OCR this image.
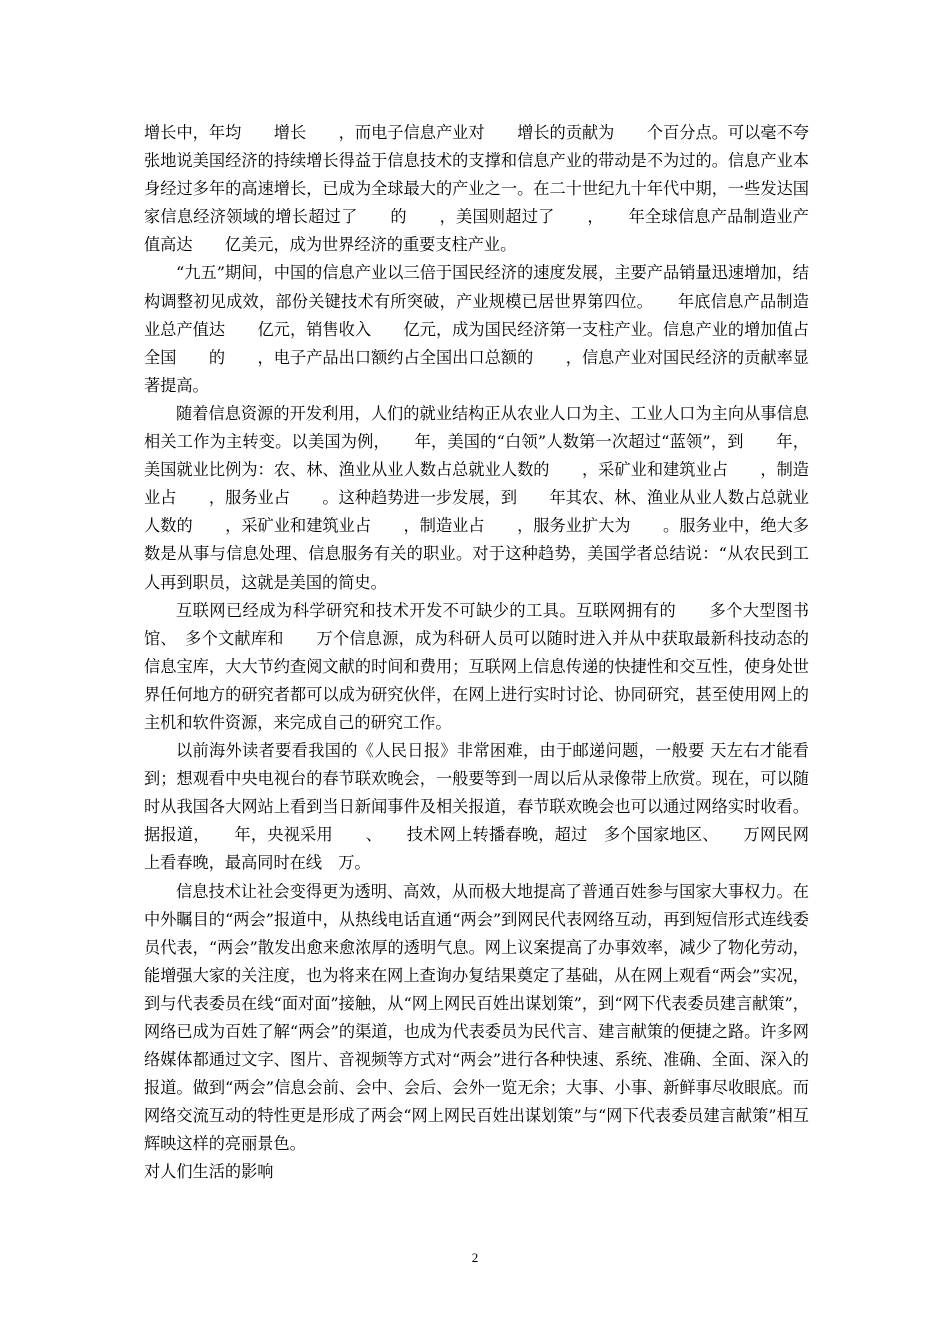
增长中，年均　　增长　　，而电子信息产业对　　增长的贡献为　　个百分点。可以毫不夸张地说美国经济的持续增长得益于信息技术的支撑和信息产业的带动是不为过的。信息产业本身经过多年的高速增长，已成为全球最大的产业之一。在二十世纪九十年代中期，一些发达国家信息经济领域的增长超过了　　的　　，美国则超过了　　，　　年全球信息产品制造业产值高达　　亿美元，成为世界经济的重要支柱产业。

“九五”期间，中国的信息产业以三倍于国民经济的速度发展，主要产品销量迅速增加，结构调整初见成效，部份关键技术有所突破，产业规模已居世界第四位。　　年底信息产品制造业总产值达　　亿元，销售收入　　亿元，成为国民经济第一支柱产业。信息产业的增加值占全国　　的　　，电子产品出口额约占全国出口总额的　　，信息产业对国民经济的贡献率显著提高。

随着信息资源的开发利用，人们的就业结构正从农业人口为主、工业人口为主向从事信息相关工作为主转变。以美国为例，　　年，美国的“白领”人数第一次超过“蓝领”，到　　年，美国就业比例为：农、林、渔业从业人数占总就业人数的　　，采矿业和建筑业占　　，制造业占　　，服务业占　　。这种趋势进一步发展，到　　年其农、林、渔业从业人数占总就业人数的　　，采矿业和建筑业占　　，制造业占　　，服务业扩大为　　。服务业中，绝大多数是从事与信息处理、信息服务有关的职业。对于这种趋势，美国学者总结说：“从农民到工人再到职员，这就是美国的简史。

互联网已经成为科学研究和技术开发不可缺少的工具。互联网拥有的　　多个大型图书馆、　多个文献库和　　万个信息源，成为科研人员可以随时进入并从中获取最新科技动态的信息宝库，大大节约查阅文献的时间和费用；互联网上信息传递的快捷性和交互性，使身处世界任何地方的研究者都可以成为研究伙伴，在网上进行实时讨论、协同研究，甚至使用网上的主机和软件资源，来完成自己的研究工作。

以前海外读者要看我国的《人民日报》非常困难，由于邮递问题，一般要 天左右才能看到；想观看中央电视台的春节联欢晚会，一般要等到一周以后从录像带上欣赏。现在，可以随时从我国各大网站上看到当日新闻事件及相关报道，春节联欢晚会也可以通过网络实时收看。据报道，　　年，央视采用　　、　　技术网上转播春晚，超过　多个国家地区、　　万网民网上看春晚，最高同时在线　万。

信息技术让社会变得更为透明、高效，从而极大地提高了普通百姓参与国家大事权力。在中外瞩目的“两会”报道中，从热线电话直通“两会”到网民代表网络互动，再到短信形式连线委员代表，“两会”散发出愈来愈浓厚的透明气息。网上议案提高了办事效率，减少了物化劳动，能增强大家的关注度，也为将来在网上查询办复结果奠定了基础，从在网上观看“两会”实况，到与代表委员在线“面对面”接触，从“网上网民百姓出谋划策”，到“网下代表委员建言献策”，网络已成为百姓了解“两会”的渠道，也成为代表委员为民代言、建言献策的便捷之路。许多网络媒体都通过文字、图片、音视频等方式对“两会”进行各种快速、系统、准确、全面、深入的报道。做到“两会”信息会前、会中、会后、会外一览无余；大事、小事、新鲜事尽收眼底。而网络交流互动的特性更是形成了两会“网上网民百姓出谋划策”与“网下代表委员建言献策”相互辉映这样的亮丽景色。

对人们生活的影响

2
